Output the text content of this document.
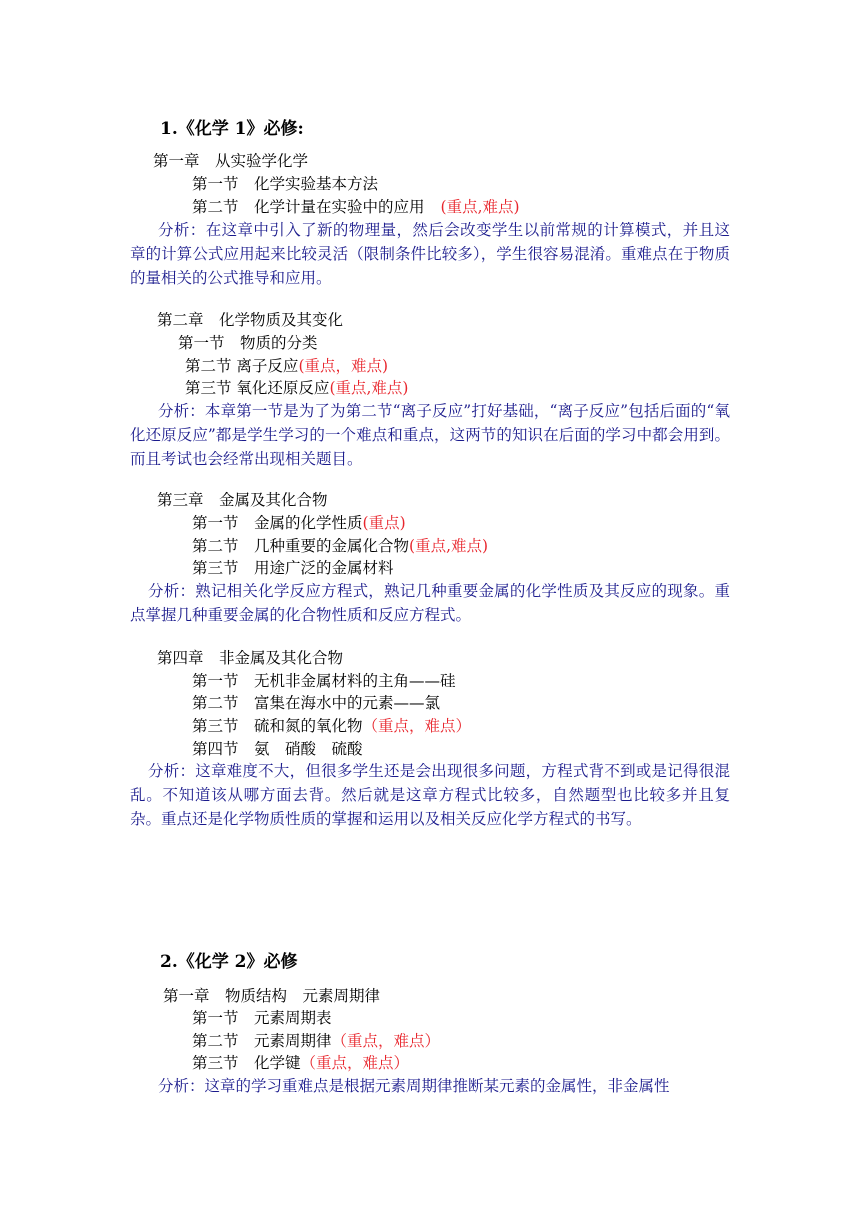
1.《化学 1》必修:
第一章　从实验学化学
第一节　化学实验基本方法
第二节　化学计量在实验中的应用 (重点,难点)
分析：在这章中引入了新的物理量，然后会改变学生以前常规的计算模式，并且这章的计算公式应用起来比较灵活（限制条件比较多），学生很容易混淆。重难点在于物质的量相关的公式推导和应用。
第二章　化学物质及其变化
第一节　物质的分类
第二节 离子反应(重点，难点)
第三节 氧化还原反应(重点,难点)
分析：本章第一节是为了为第二节“离子反应”打好基础，“离子反应”包括后面的“氧化还原反应”都是学生学习的一个难点和重点，这两节的知识在后面的学习中都会用到。而且考试也会经常出现相关题目。
第三章　金属及其化合物
第一节　金属的化学性质(重点)
第二节　几种重要的金属化合物(重点,难点)
第三节　用途广泛的金属材料
分析：熟记相关化学反应方程式，熟记几种重要金属的化学性质及其反应的现象。重点掌握几种重要金属的化合物性质和反应方程式。
第四章　非金属及其化合物
第一节　无机非金属材料的主角——硅
第二节　富集在海水中的元素——氯
第三节　硫和氮的氧化物（重点，难点）
第四节　氨　硝酸　硫酸
分析：这章难度不大，但很多学生还是会出现很多问题，方程式背不到或是记得很混乱。不知道该从哪方面去背。然后就是这章方程式比较多，自然题型也比较多并且复杂。重点还是化学物质性质的掌握和运用以及相关反应化学方程式的书写。
2.《化学 2》必修
第一章　物质结构　元素周期律
第一节　元素周期表
第二节　元素周期律（重点，难点）
第三节　化学键（重点，难点）
分析：这章的学习重难点是根据元素周期律推断某元素的金属性，非金属性
